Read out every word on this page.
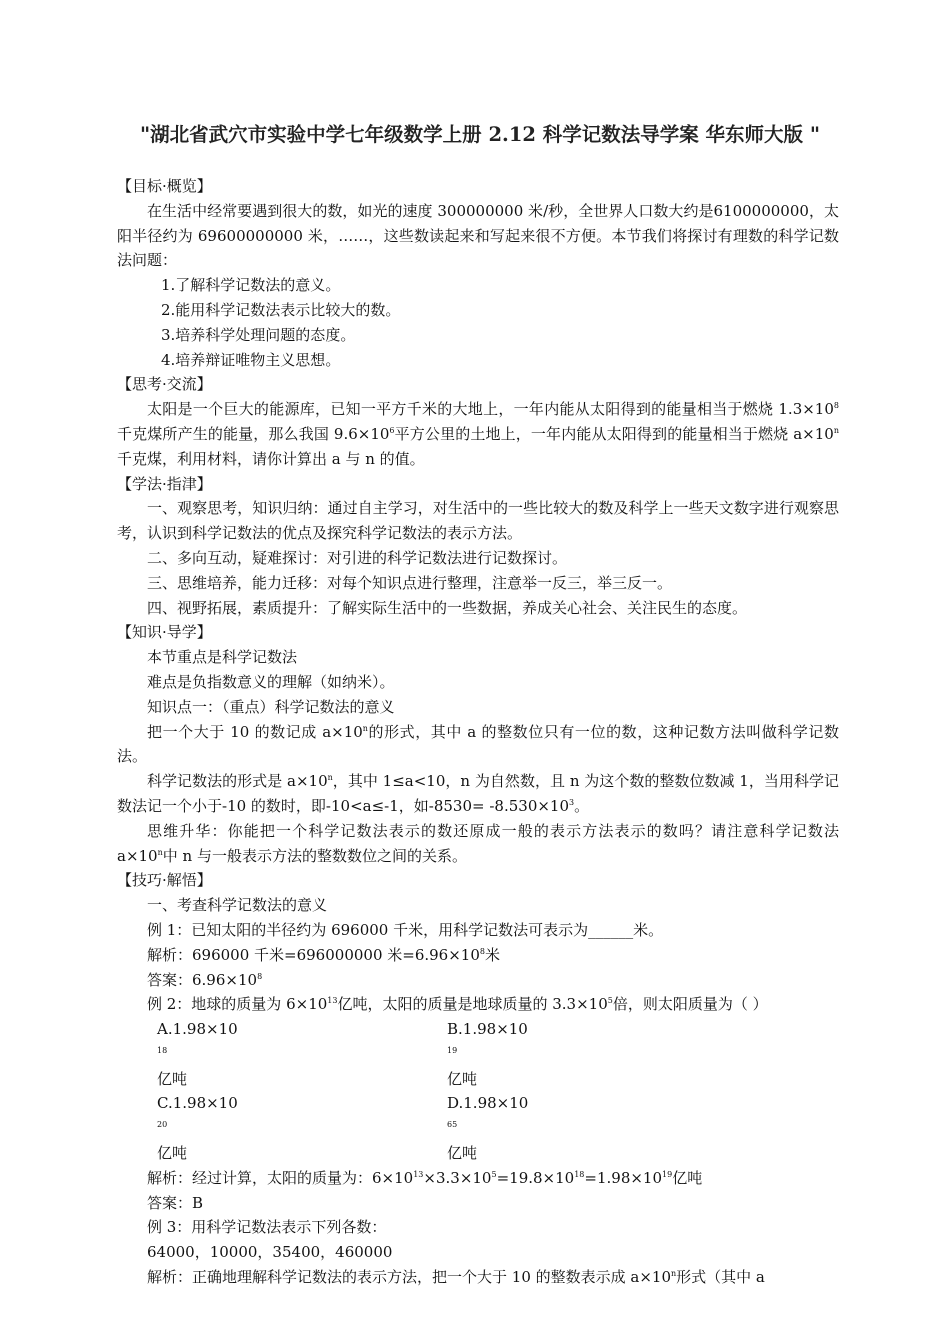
"湖北省武穴市实验中学七年级数学上册 2.12 科学记数法导学案 华东师大版 "

【目标·概览】

在生活中经常要遇到很大的数，如光的速度 300000000 米/秒，全世界人口数大约是6100000000，太阳半径约为 69600000000 米，……，这些数读起来和写起来很不方便。本节我们将探讨有理数的科学记数法问题：

1.了解科学记数法的意义。

2.能用科学记数法表示比较大的数。

3.培养科学处理问题的态度。

4.培养辩证唯物主义思想。

【思考·交流】

太阳是一个巨大的能源库，已知一平方千米的大地上，一年内能从太阳得到的能量相当于燃烧 $1.3\times 10^8$千克煤所产生的能量，那么我国 $9.6\times 10^6$平方公里的土地上，一年内能从太阳得到的能量相当于燃烧 $a\times 10^n$千克煤，利用材料，请你计算出 a 与 n 的值。

【学法·指津】

一、观察思考，知识归纳：通过自主学习，对生活中的一些比较大的数及科学上一些天文数字进行观察思考，认识到科学记数法的优点及探究科学记数法的表示方法。

二、多向互动，疑难探讨：对引进的科学记数法进行记数探讨。

三、思维培养，能力迁移：对每个知识点进行整理，注意举一反三，举三反一。

四、视野拓展，素质提升：了解实际生活中的一些数据，养成关心社会、关注民生的态度。

【知识·导学】

本节重点是科学记数法

难点是负指数意义的理解（如纳米）。

知识点一：（重点）科学记数法的意义

把一个大于 10 的数记成 $a\times 10^n$的形式，其中 a 的整数位只有一位的数，这种记数方法叫做科学记数法。

科学记数法的形式是 $a\times 10^n$，其中 1≤a<10，n 为自然数，且 n 为这个数的整数位数减 1，当用科学记数法记一个小于-10 的数时，即-10<a≤-1，如$-8530= -8.530\times 10^3$。

思维升华：你能把一个科学记数法表示的数还原成一般的表示方法表示的数吗？请注意科学记数法 $a\times 10^n$中 n 与一般表示方法的整数数位之间的关系。

【技巧·解悟】

一、考查科学记数法的意义

例 1：已知太阳的半径约为 696000 千米，用科学记数法可表示为______米。

解析：696000 千米=696000000 米$=6.96\times 10^8$米

答案：$6.96\times 10^8$

例 2：地球的质量为 $6\times 10^{13}$亿吨，太阳的质量是地球质量的 $3.3\times 10^5$倍，则太阳质量为（ ）

$A.1.98\times 10^{18}$亿吨
$B.1.98\times 10^{19}$亿吨
$C.1.98\times 10^{20}$亿吨
$D.1.98\times 10^{65}$亿吨

解析：经过计算，太阳的质量为：$6\times 10^{13}\times 3.3\times 10^5=19.8\times 10^{18}=1.98\times 10^{19}$亿吨

答案：B

例 3：用科学记数法表示下列各数：

64000，10000，35400，460000

解析：正确地理解科学记数法的表示方法，把一个大于 10 的整数表示成 $a\times 10^n$形式（其中 a
